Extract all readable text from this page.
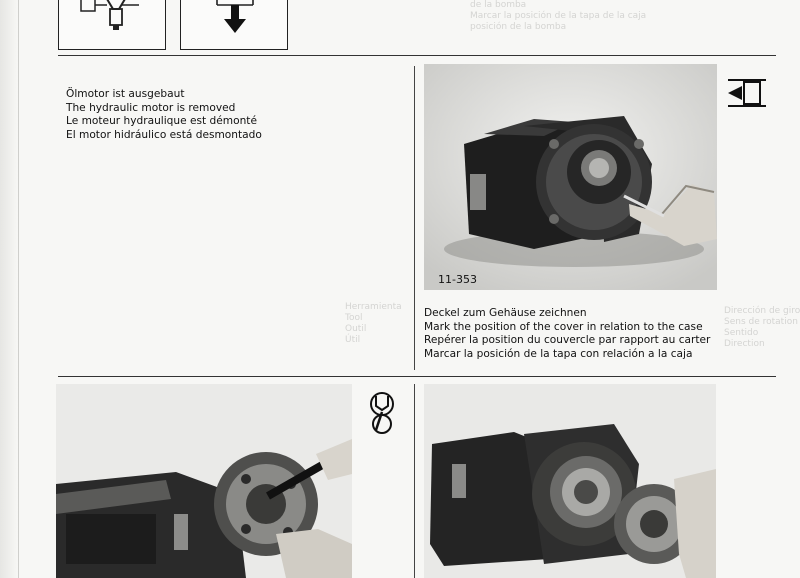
de la bomba
Marcar la posición de la tapa de la caja
posición de la bomba
Herramienta
Tool
Outil
Útil
Dirección de giro
Sens de rotation
Sentido
Direction
Ölmotor ist ausgebaut
The hydraulic motor is removed
Le moteur hydraulique est démonté
El motor hidráulico está desmontado
11-353
Deckel zum Gehäuse zeichnen
Mark the position of the cover in relation to the case
Repérer la position du couvercle par rapport au carter
Marcar la posición de la tapa con relación a la caja
